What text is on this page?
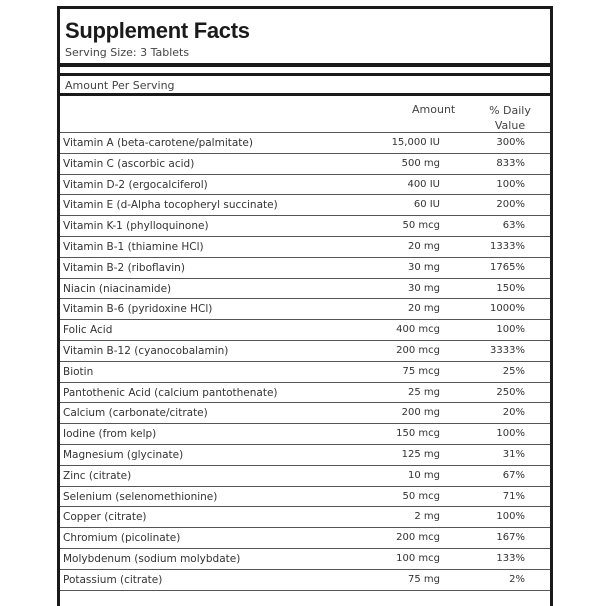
Supplement Facts
Serving Size: 3 Tablets
Amount Per Serving
Amount	% Daily Value
Vitamin A (beta-carotene/palmitate)	15,000 IU	300%
Vitamin C (ascorbic acid)	500 mg	833%
Vitamin D-2 (ergocalciferol)	400 IU	100%
Vitamin E (d-Alpha tocopheryl succinate)	60 IU	200%
Vitamin K-1 (phylloquinone)	50 mcg	63%
Vitamin B-1 (thiamine HCl)	20 mg	1333%
Vitamin B-2 (riboflavin)	30 mg	1765%
Niacin (niacinamide)	30 mg	150%
Vitamin B-6 (pyridoxine HCl)	20 mg	1000%
Folic Acid	400 mcg	100%
Vitamin B-12 (cyanocobalamin)	200 mcg	3333%
Biotin	75 mcg	25%
Pantothenic Acid (calcium pantothenate)	25 mg	250%
Calcium (carbonate/citrate)	200 mg	20%
Iodine (from kelp)	150 mcg	100%
Magnesium (glycinate)	125 mg	31%
Zinc (citrate)	10 mg	67%
Selenium (selenomethionine)	50 mcg	71%
Copper (citrate)	2 mg	100%
Chromium (picolinate)	200 mcg	167%
Molybdenum (sodium molybdate)	100 mcg	133%
Potassium (citrate)	75 mg	2%
